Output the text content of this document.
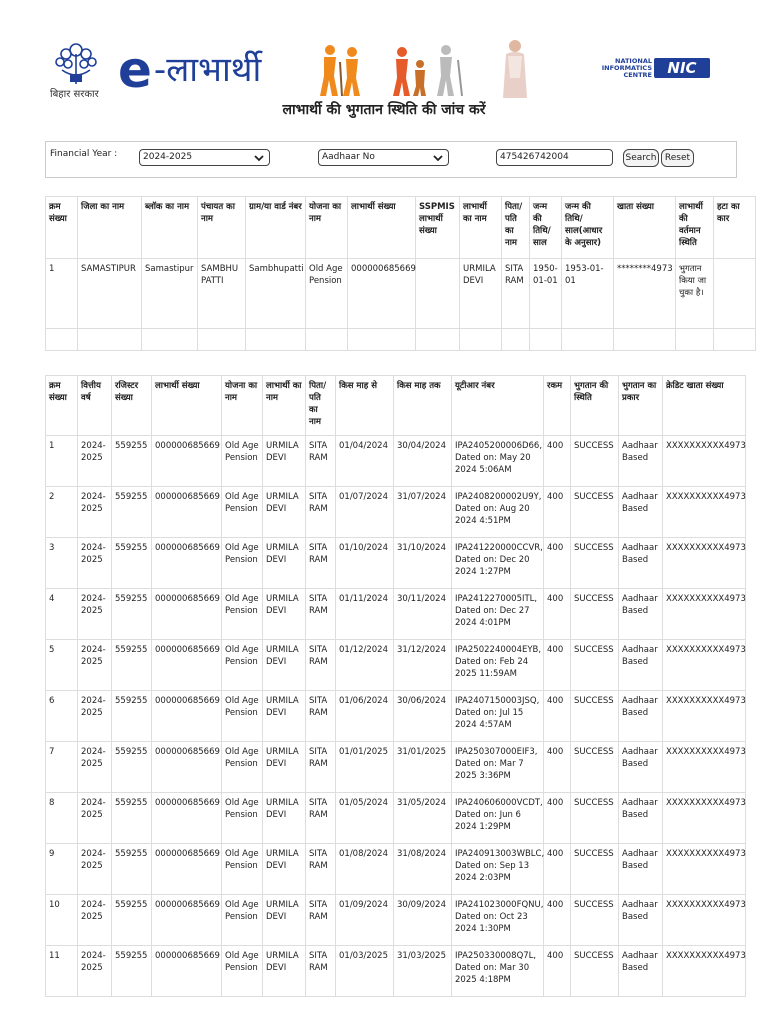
बिहार सरकार e -लाभार्थी	NATIONAL
INFORMATICS
CENTRE	NIC
लाभार्थी की भुगतान स्थिति की जांच करें
Financial Year :	2024-2025	Aadhaar No	475426742004	Search Reset
क्रम संख्या	जिला का नाम	ब्लॉक का नाम	पंचायत का नाम	ग्राम/या वार्ड नंबर	योजना का नाम	लाभार्थी संख्या	SSPMIS लाभार्थी संख्या	लाभार्थी का नाम	पिता/पति का नाम	जन्म की तिथि/साल	जन्म की तिथि/साल(आधार के अनुसार)	खाता संख्या	लाभार्थी की वर्तमान स्थिति	हटा का कार
1	SAMASTIPUR	Samastipur	SAMBHU PATTI	Sambhupatti	Old Age Pension	000000685669		URMILA DEVI	SITA RAM	1950-01-01	1953-01-01	********4973	भुगतान किया जा चुका है।	

क्रम संख्या	वित्तीय वर्ष	रजिस्टर संख्या	लाभार्थी संख्या	योजना का नाम	लाभार्थी का नाम	पिता/पति का नाम	किस माह से	किस माह तक	यूटीआर नंबर	रकम	भुगतान की स्थिति	भुगतान का प्रकार	क्रेडिट खाता संख्या
1	2024-2025	559255	000000685669	Old Age Pension	URMILA DEVI	SITA RAM	01/04/2024	30/04/2024	IPA2405200006D66, Dated on: May 20 2024 5:06AM	400	SUCCESS	Aadhaar Based	XXXXXXXXXX4973
2	2024-2025	559255	000000685669	Old Age Pension	URMILA DEVI	SITA RAM	01/07/2024	31/07/2024	IPA2408200002U9Y, Dated on: Aug 20 2024 4:51PM	400	SUCCESS	Aadhaar Based	XXXXXXXXXX4973
3	2024-2025	559255	000000685669	Old Age Pension	URMILA DEVI	SITA RAM	01/10/2024	31/10/2024	IPA241220000CCVR, Dated on: Dec 20 2024 1:27PM	400	SUCCESS	Aadhaar Based	XXXXXXXXXX4973
4	2024-2025	559255	000000685669	Old Age Pension	URMILA DEVI	SITA RAM	01/11/2024	30/11/2024	IPA2412270005ITL, Dated on: Dec 27 2024 4:01PM	400	SUCCESS	Aadhaar Based	XXXXXXXXXX4973
5	2024-2025	559255	000000685669	Old Age Pension	URMILA DEVI	SITA RAM	01/12/2024	31/12/2024	IPA2502240004EYB, Dated on: Feb 24 2025 11:59AM	400	SUCCESS	Aadhaar Based	XXXXXXXXXX4973
6	2024-2025	559255	000000685669	Old Age Pension	URMILA DEVI	SITA RAM	01/06/2024	30/06/2024	IPA2407150003JSQ, Dated on: Jul 15 2024 4:57AM	400	SUCCESS	Aadhaar Based	XXXXXXXXXX4973
7	2024-2025	559255	000000685669	Old Age Pension	URMILA DEVI	SITA RAM	01/01/2025	31/01/2025	IPA250307000EIF3, Dated on: Mar 7 2025 3:36PM	400	SUCCESS	Aadhaar Based	XXXXXXXXXX4973
8	2024-2025	559255	000000685669	Old Age Pension	URMILA DEVI	SITA RAM	01/05/2024	31/05/2024	IPA240606000VCDT, Dated on: Jun 6 2024 1:29PM	400	SUCCESS	Aadhaar Based	XXXXXXXXXX4973
9	2024-2025	559255	000000685669	Old Age Pension	URMILA DEVI	SITA RAM	01/08/2024	31/08/2024	IPA240913003WBLC, Dated on: Sep 13 2024 2:03PM	400	SUCCESS	Aadhaar Based	XXXXXXXXXX4973
10	2024-2025	559255	000000685669	Old Age Pension	URMILA DEVI	SITA RAM	01/09/2024	30/09/2024	IPA241023000FQNU, Dated on: Oct 23 2024 1:30PM	400	SUCCESS	Aadhaar Based	XXXXXXXXXX4973
11	2024-2025	559255	000000685669	Old Age Pension	URMILA DEVI	SITA RAM	01/03/2025	31/03/2025	IPA250330008Q7L, Dated on: Mar 30 2025 4:18PM	400	SUCCESS	Aadhaar Based	XXXXXXXXXX4973
